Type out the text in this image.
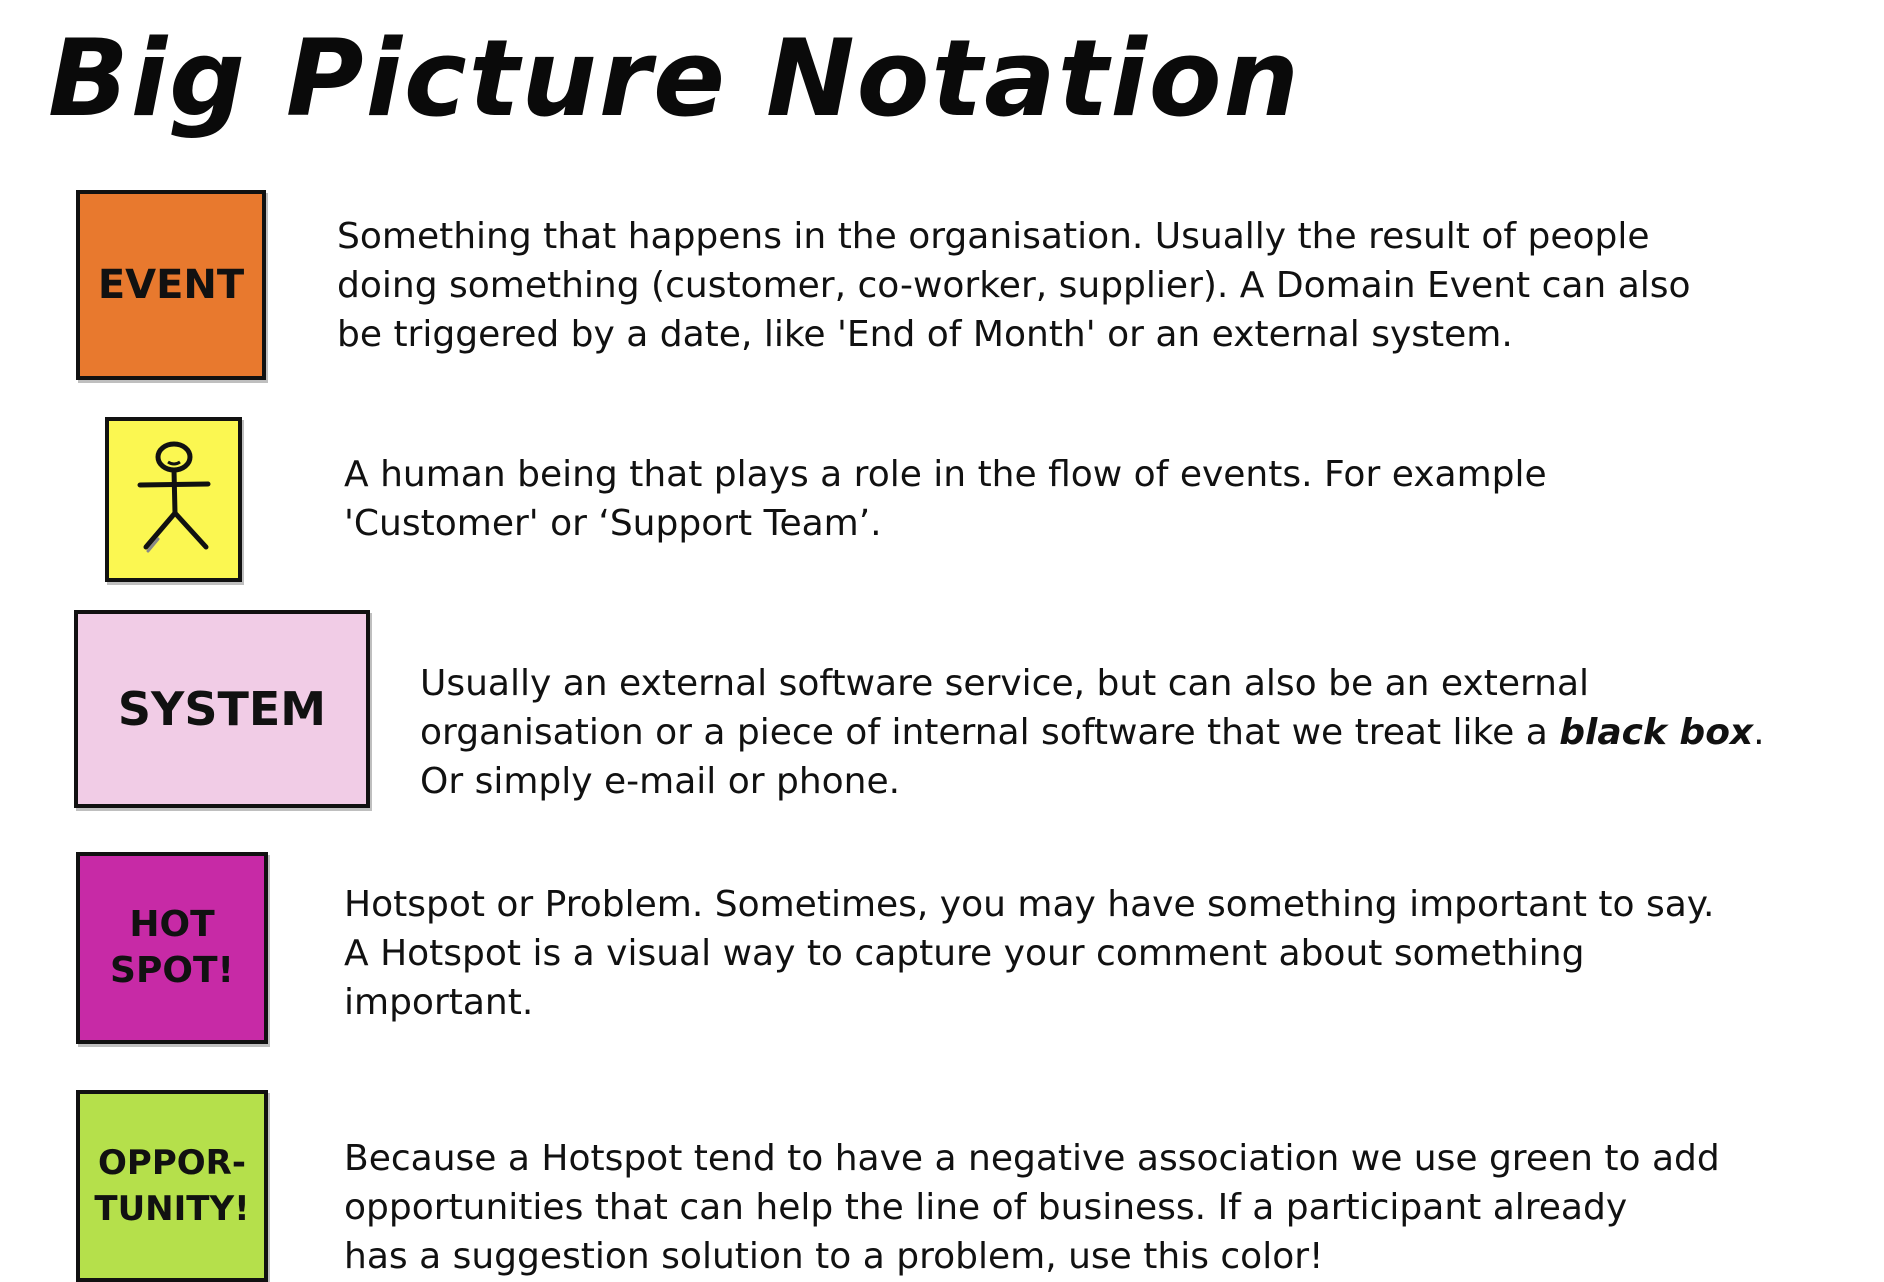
Big Picture Notation
EVENT
Something that happens in the organisation. Usually the result of people
doing something (customer, co-worker, supplier). A Domain Event can also
be triggered by a date, like 'End of Month' or an external system.
A human being that plays a role in the flow of events. For example
'Customer' or ‘Support Team’.
SYSTEM	Usually an external software service, but can also be an external
organisation or a piece of internal software that we treat like a black box.
Or simply e-mail or phone.
HOT
SPOT!
Hotspot or Problem. Sometimes, you may have something important to say.
A Hotspot is a visual way to capture your comment about something
important.
OPPOR-
TUNITY!
Because a Hotspot tend to have a negative association we use green to add
opportunities that can help the line of business. If a participant already
has a suggestion solution to a problem, use this color!
